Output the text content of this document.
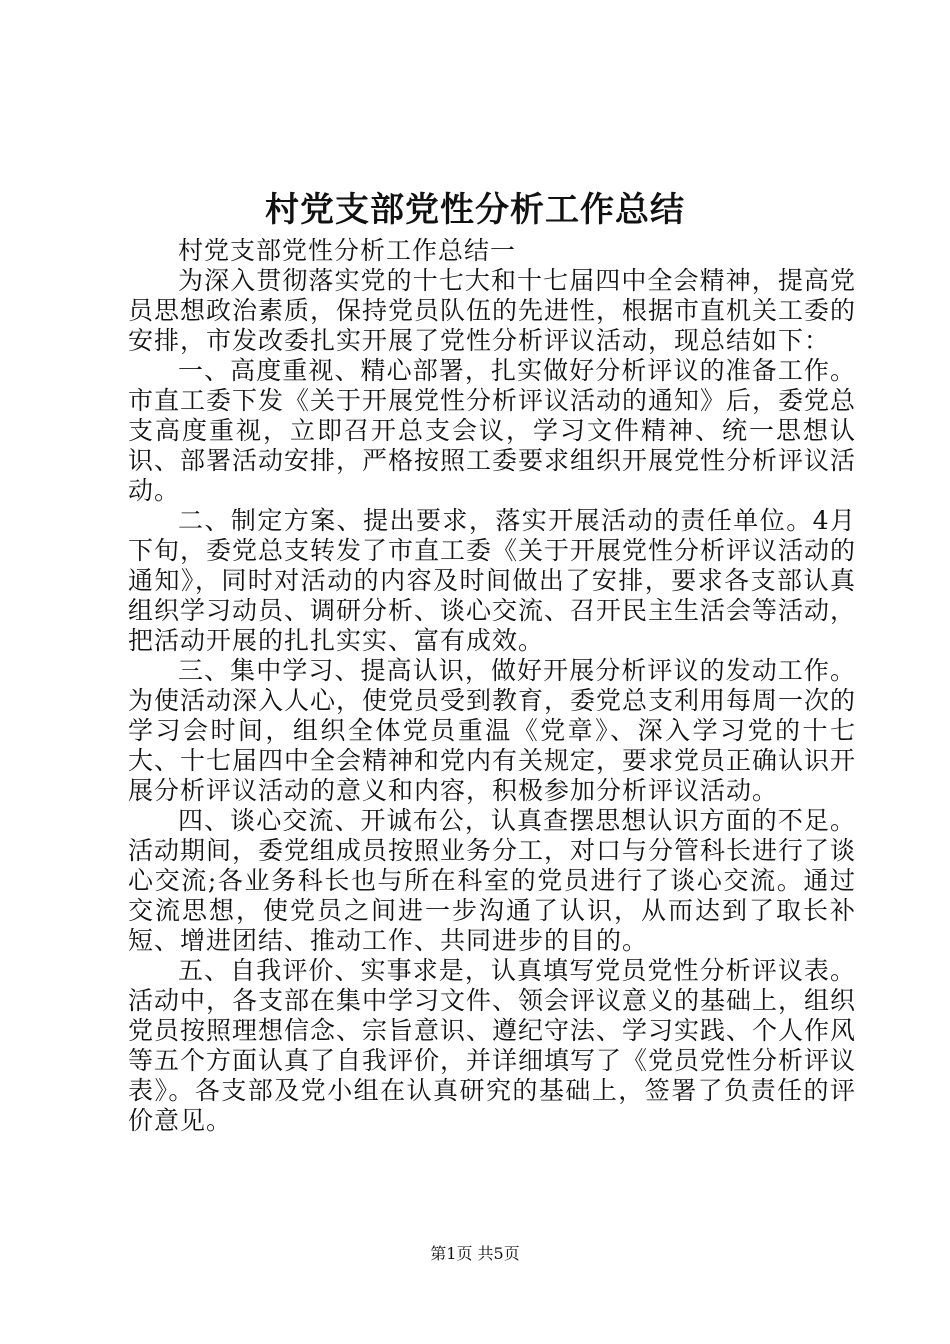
村党支部党性分析工作总结

村党支部党性分析工作总结一

为深入贯彻落实党的十七大和十七届四中全会精神，提高党员思想政治素质，保持党员队伍的先进性，根据市直机关工委的安排，市发改委扎实开展了党性分析评议活动，现总结如下：

一、高度重视、精心部署，扎实做好分析评议的准备工作。市直工委下发《关于开展党性分析评议活动的通知》后，委党总支高度重视，立即召开总支会议，学习文件精神、统一思想认识、部署活动安排，严格按照工委要求组织开展党性分析评议活动。

二、制定方案、提出要求，落实开展活动的责任单位。4月下旬，委党总支转发了市直工委《关于开展党性分析评议活动的通知》，同时对活动的内容及时间做出了安排，要求各支部认真组织学习动员、调研分析、谈心交流、召开民主生活会等活动，把活动开展的扎扎实实、富有成效。

三、集中学习、提高认识，做好开展分析评议的发动工作。为使活动深入人心，使党员受到教育，委党总支利用每周一次的学习会时间，组织全体党员重温《党章》、深入学习党的十七大、十七届四中全会精神和党内有关规定，要求党员正确认识开展分析评议活动的意义和内容，积极参加分析评议活动。

四、谈心交流、开诚布公，认真查摆思想认识方面的不足。活动期间，委党组成员按照业务分工，对口与分管科长进行了谈心交流;各业务科长也与所在科室的党员进行了谈心交流。通过交流思想，使党员之间进一步沟通了认识，从而达到了取长补短、增进团结、推动工作、共同进步的目的。

五、自我评价、实事求是，认真填写党员党性分析评议表。活动中，各支部在集中学习文件、领会评议意义的基础上，组织党员按照理想信念、宗旨意识、遵纪守法、学习实践、个人作风等五个方面认真了自我评价，并详细填写了《党员党性分析评议表》。各支部及党小组在认真研究的基础上，签署了负责任的评价意见。

第1页 共5页
